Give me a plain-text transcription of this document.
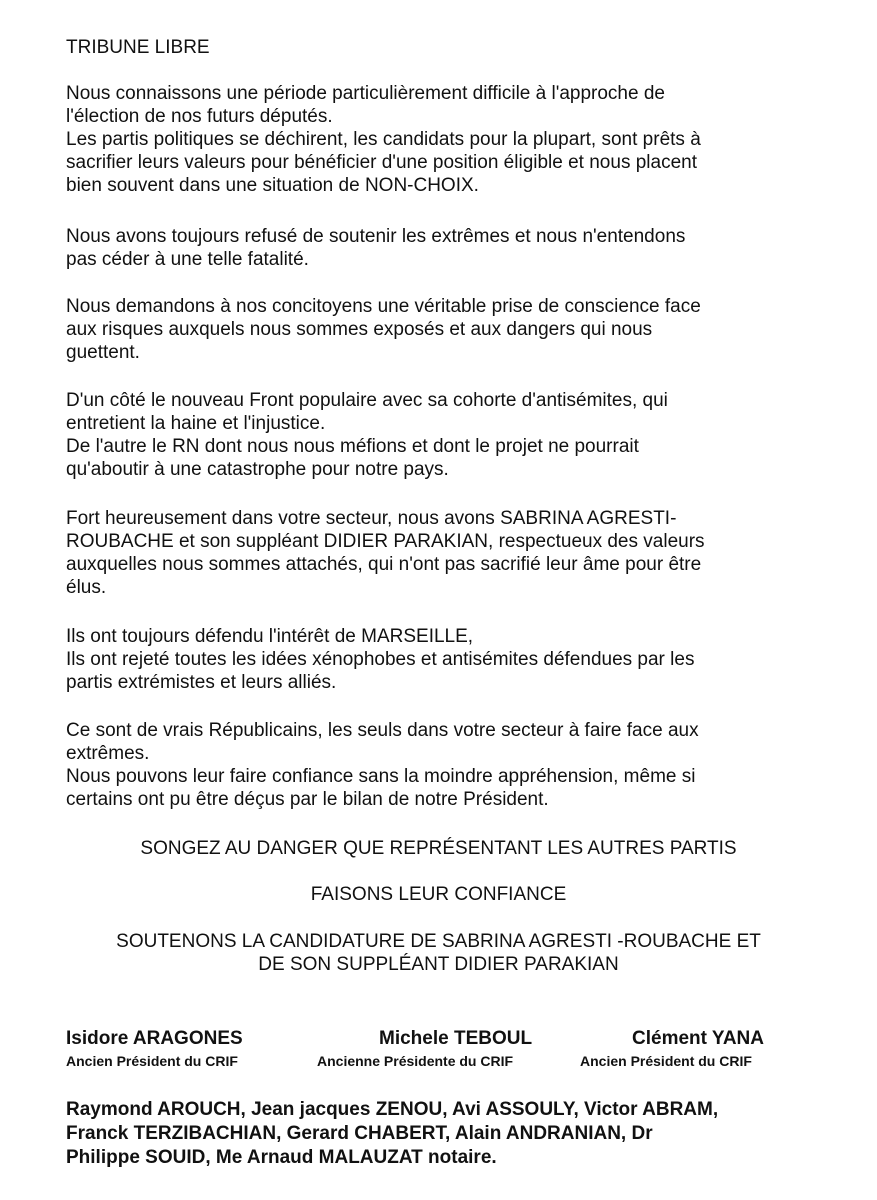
TRIBUNE LIBRE

Nous connaissons une période particulièrement difficile à l'approche de
l'élection de nos futurs députés.
Les partis politiques se déchirent, les candidats pour la plupart, sont prêts à
sacrifier leurs valeurs pour bénéficier d'une position éligible et nous placent
bien souvent dans une situation de NON-CHOIX.

Nous avons toujours refusé de soutenir les extrêmes et nous n'entendons
pas céder à une telle fatalité.

Nous demandons à nos concitoyens une véritable prise de conscience face
aux risques auxquels nous sommes exposés et aux dangers qui nous
guettent.

D'un côté le nouveau Front populaire avec sa cohorte d'antisémites, qui
entretient la haine et l'injustice.
De l'autre le RN dont nous nous méfions et dont le projet ne pourrait
qu'aboutir à une catastrophe pour notre pays.

Fort heureusement dans votre secteur, nous avons SABRINA AGRESTI-
ROUBACHE et son suppléant DIDIER PARAKIAN, respectueux des valeurs
auxquelles nous sommes attachés, qui n'ont pas sacrifié leur âme pour être
élus.

Ils ont toujours défendu l'intérêt de MARSEILLE,
Ils ont rejeté toutes les idées xénophobes et antisémites défendues par les
partis extrémistes et leurs alliés.

Ce sont de vrais Républicains, les seuls dans votre secteur à faire face aux
extrêmes.
Nous pouvons leur faire confiance sans la moindre appréhension, même si
certains ont pu être déçus par le bilan de notre Président.

SONGEZ AU DANGER QUE REPRÉSENTANT LES AUTRES PARTIS

FAISONS LEUR CONFIANCE

SOUTENONS LA CANDIDATURE DE SABRINA AGRESTI -ROUBACHE ET
DE SON SUPPLÉANT DIDIER PARAKIAN

Isidore ARAGONES
Ancien Président du CRIF
Michele TEBOUL
Ancienne Présidente du CRIF
Clément YANA
Ancien Président du CRIF

Raymond AROUCH, Jean jacques ZENOU, Avi ASSOULY, Victor ABRAM,
Franck TERZIBACHIAN, Gerard CHABERT, Alain ANDRANIAN, Dr
Philippe SOUID, Me Arnaud MALAUZAT notaire.
